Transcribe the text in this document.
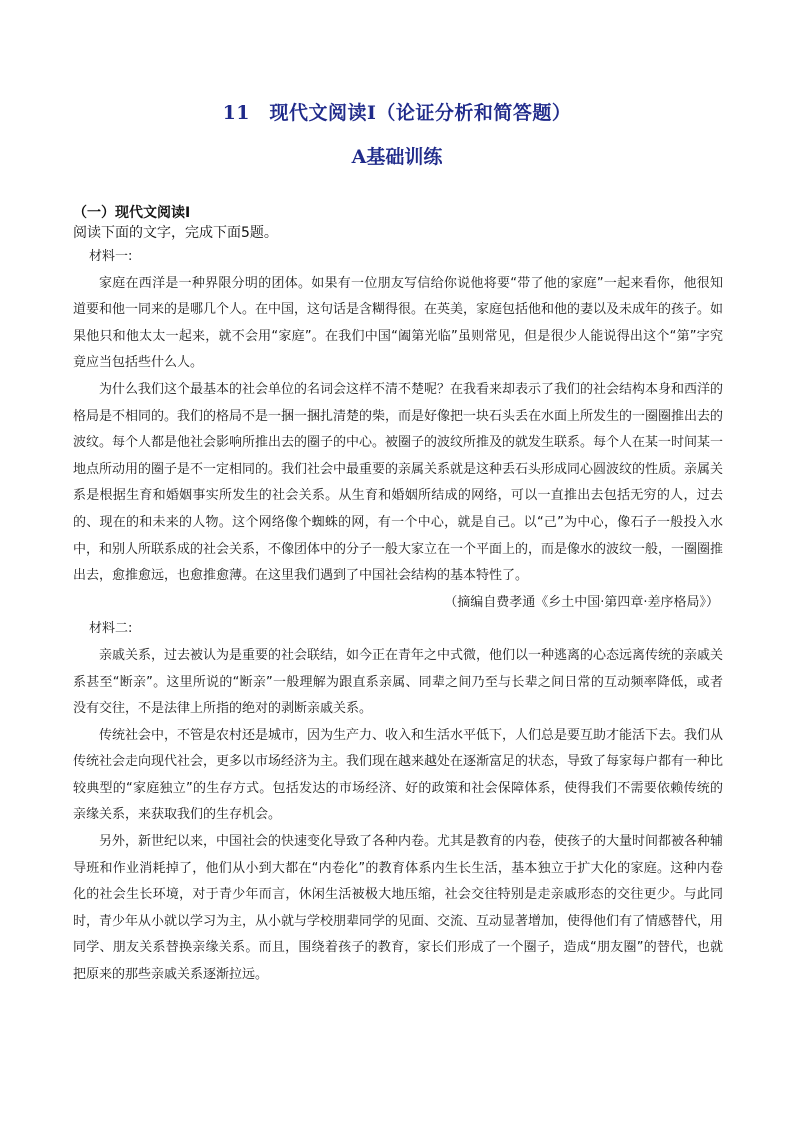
11　现代文阅读Ⅰ（论证分析和简答题）
A基础训练
（一）现代文阅读Ⅰ
阅读下面的文字，完成下面5题。

材料一:

家庭在西洋是一种界限分明的团体。如果有一位朋友写信给你说他将要“带了他的家庭”一起来看你，他很知道要和他一同来的是哪几个人。在中国，这句话是含糊得很。在英美，家庭包括他和他的妻以及未成年的孩子。如果他只和他太太一起来，就不会用“家庭”。在我们中国“阖第光临”虽则常见，但是很少人能说得出这个“第”字究竟应当包括些什么人。

为什么我们这个最基本的社会单位的名词会这样不清不楚呢？在我看来却表示了我们的社会结构本身和西洋的格局是不相同的。我们的格局不是一捆一捆扎清楚的柴，而是好像把一块石头丢在水面上所发生的一圈圈推出去的波纹。每个人都是他社会影响所推出去的圈子的中心。被圈子的波纹所推及的就发生联系。每个人在某一时间某一地点所动用的圈子是不一定相同的。我们社会中最重要的亲属关系就是这种丢石头形成同心圆波纹的性质。亲属关系是根据生育和婚姻事实所发生的社会关系。从生育和婚姻所结成的网络，可以一直推出去包括无穷的人，过去的、现在的和未来的人物。这个网络像个蜘蛛的网，有一个中心，就是自己。以“己”为中心，像石子一般投入水中，和别人所联系成的社会关系，不像团体中的分子一般大家立在一个平面上的，而是像水的波纹一般，一圈圈推出去，愈推愈远，也愈推愈薄。在这里我们遇到了中国社会结构的基本特性了。

（摘编自费孝通《乡土中国·第四章·差序格局》）

材料二:

亲戚关系，过去被认为是重要的社会联结，如今正在青年之中式微，他们以一种逃离的心态远离传统的亲戚关系甚至“断亲”。这里所说的“断亲”一般理解为跟直系亲属、同辈之间乃至与长辈之间日常的互动频率降低，或者没有交往，不是法律上所指的绝对的剥断亲戚关系。

传统社会中，不管是农村还是城市，因为生产力、收入和生活水平低下，人们总是要互助才能活下去。我们从传统社会走向现代社会，更多以市场经济为主。我们现在越来越处在逐渐富足的状态，导致了每家每户都有一种比较典型的“家庭独立”的生存方式。包括发达的市场经济、好的政策和社会保障体系，使得我们不需要依赖传统的亲缘关系，来获取我们的生存机会。

另外，新世纪以来，中国社会的快速变化导致了各种内卷。尤其是教育的内卷，使孩子的大量时间都被各种辅导班和作业消耗掉了，他们从小到大都在“内卷化”的教育体系内生长生活，基本独立于扩大化的家庭。这种内卷化的社会生长环境，对于青少年而言，休闲生活被极大地压缩，社会交往特别是走亲戚形态的交往更少。与此同时，青少年从小就以学习为主，从小就与学校朋辈同学的见面、交流、互动显著增加，使得他们有了情感替代，用同学、朋友关系替换亲缘关系。而且，围绕着孩子的教育，家长们形成了一个圈子，造成“朋友圈”的替代，也就把原来的那些亲戚关系逐渐拉远。
